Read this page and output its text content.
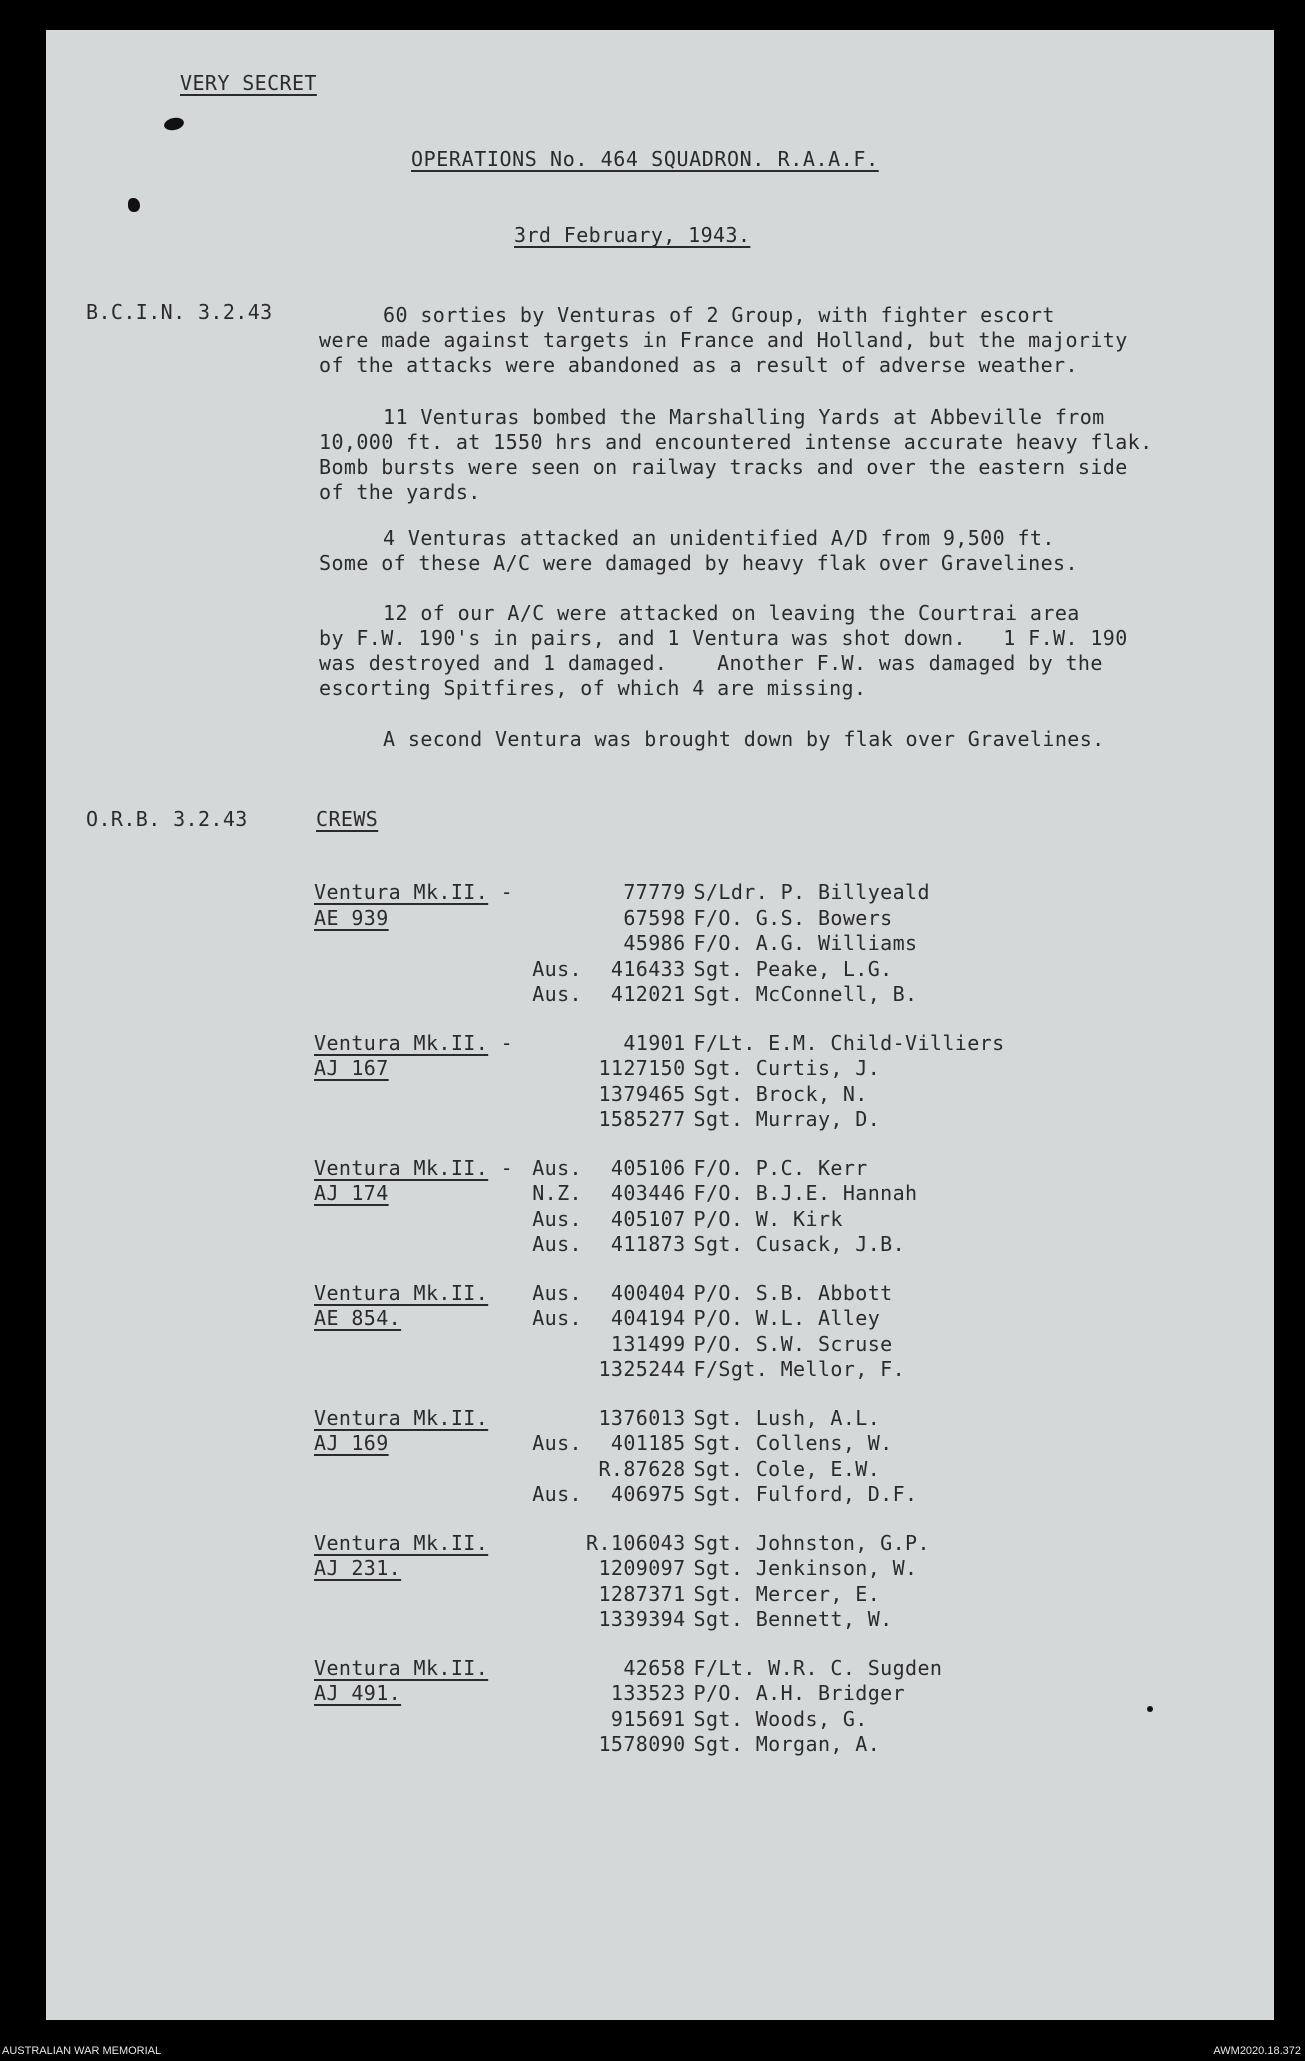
VERY SECRET
OPERATIONS No. 464 SQUADRON. R.A.A.F.
3rd February, 1943.
B.C.I.N. 3.2.43	60 sorties by Venturas of 2 Group, with fighter escort
were made against targets in France and Holland, but the majority
of the attacks were abandoned as a result of adverse weather.
11 Venturas bombed the Marshalling Yards at Abbeville from
10,000 ft. at 1550 hrs and encountered intense accurate heavy flak.
Bomb bursts were seen on railway tracks and over the eastern side
of the yards.
4 Venturas attacked an unidentified A/D from 9,500 ft.
Some of these A/C were damaged by heavy flak over Gravelines.
12 of our A/C were attacked on leaving the Courtrai area
by F.W. 190's in pairs, and 1 Ventura was shot down.   1 F.W. 190
was destroyed and 1 damaged.    Another F.W. was damaged by the
escorting Spitfires, of which 4 are missing.
A second Ventura was brought down by flak over Gravelines.
O.R.B. 3.2.43	CREWS
Ventura Mk.II. -		77779	S/Ldr. P. Billyeald
AE 939		67598	F/O. G.S. Bowers
		45986	F/O. A.G. Williams
	Aus.	416433	Sgt. Peake, L.G.
	Aus.	412021	Sgt. McConnell, B.

Ventura Mk.II. -		41901	F/Lt. E.M. Child-Villiers
AJ 167		1127150	Sgt. Curtis, J.
		1379465	Sgt. Brock, N.
		1585277	Sgt. Murray, D.

Ventura Mk.II. -	Aus.	405106	F/O. P.C. Kerr
AJ 174	N.Z.	403446	F/O. B.J.E. Hannah
	Aus.	405107	P/O. W. Kirk
	Aus.	411873	Sgt. Cusack, J.B.

Ventura Mk.II.	Aus.	400404	P/O. S.B. Abbott
AE 854.	Aus.	404194	P/O. W.L. Alley
		131499	P/O. S.W. Scruse
		1325244	F/Sgt. Mellor, F.

Ventura Mk.II.		1376013	Sgt. Lush, A.L.
AJ 169	Aus.	401185	Sgt. Collens, W.
		R.87628	Sgt. Cole, E.W.
	Aus.	406975	Sgt. Fulford, D.F.

Ventura Mk.II.		R.106043	Sgt. Johnston, G.P.
AJ 231.		1209097	Sgt. Jenkinson, W.
		1287371	Sgt. Mercer, E.
		1339394	Sgt. Bennett, W.

Ventura Mk.II.		42658	F/Lt. W.R. C. Sugden
AJ 491.		133523	P/O. A.H. Bridger
		915691	Sgt. Woods, G.
		1578090	Sgt. Morgan, A.
AUSTRALIAN WAR MEMORIAL	AWM2020.18.372
